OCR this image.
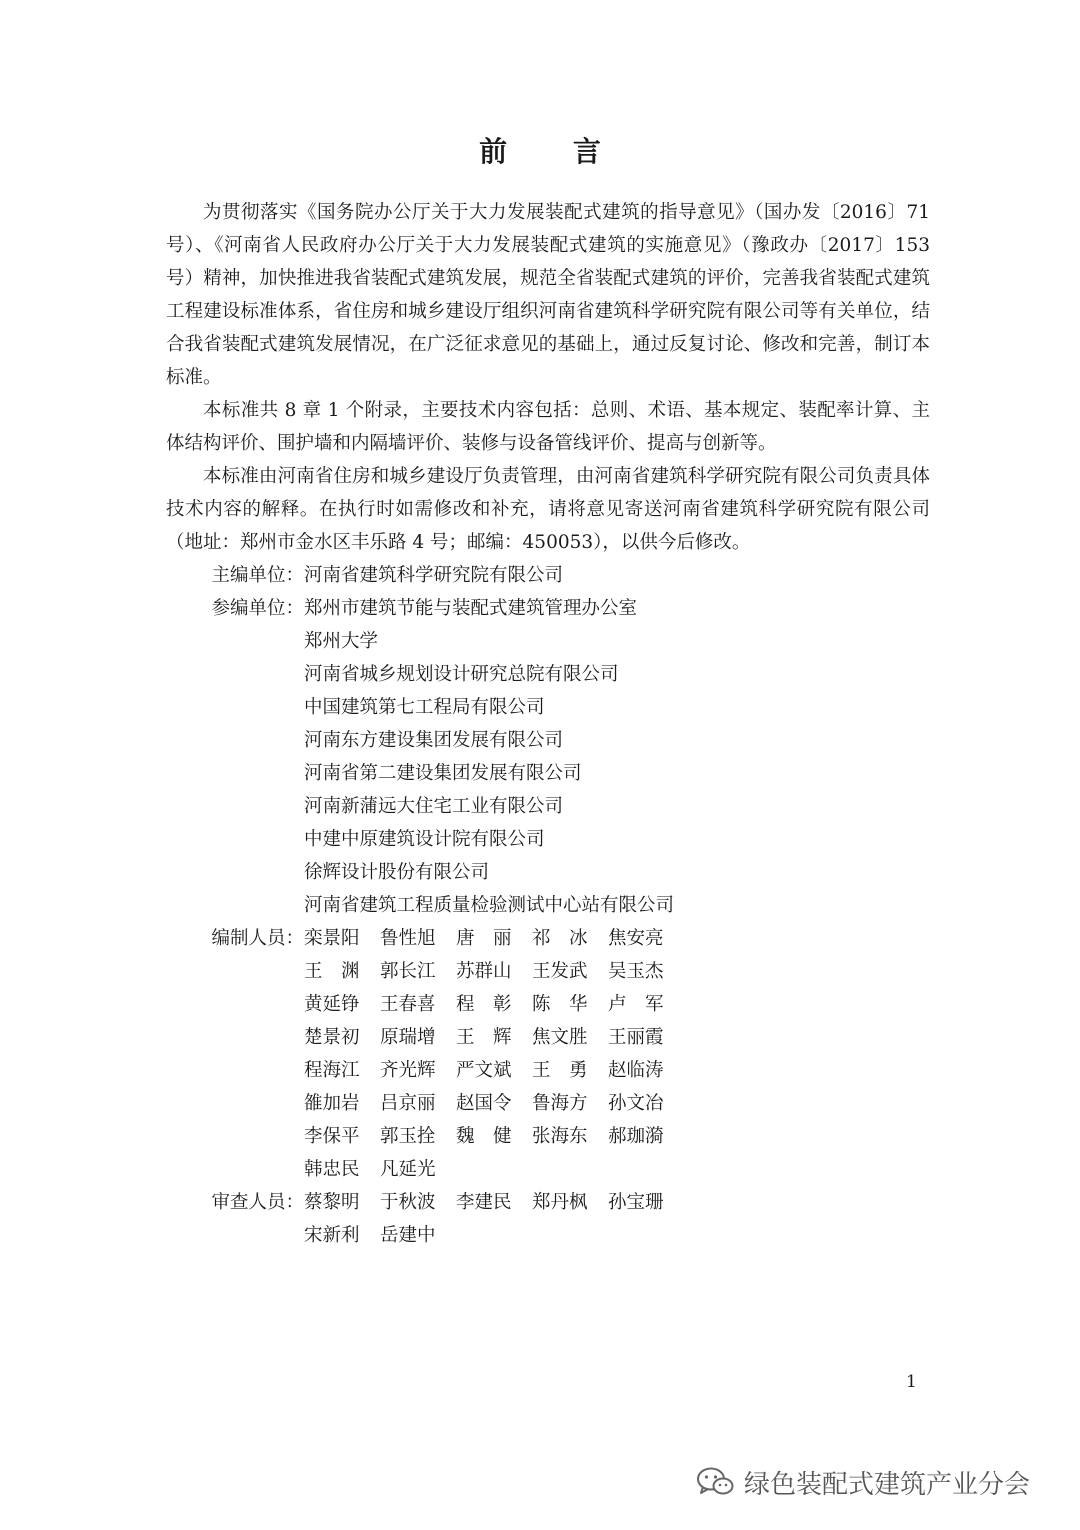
前 言

为贯彻落实《国务院办公厅关于大力发展装配式建筑的指导意见》（国办发〔2016〕71号）、《河南省人民政府办公厅关于大力发展装配式建筑的实施意见》（豫政办〔2017〕153号）精神，加快推进我省装配式建筑发展，规范全省装配式建筑的评价，完善我省装配式建筑工程建设标准体系，省住房和城乡建设厅组织河南省建筑科学研究院有限公司等有关单位，结合我省装配式建筑发展情况，在广泛征求意见的基础上，通过反复讨论、修改和完善，制订本标准。

本标准共 8 章 1 个附录，主要技术内容包括：总则、术语、基本规定、装配率计算、主体结构评价、围护墙和内隔墙评价、装修与设备管线评价、提高与创新等。

本标准由河南省住房和城乡建设厅负责管理，由河南省建筑科学研究院有限公司负责具体技术内容的解释。在执行时如需修改和补充，请将意见寄送河南省建筑科学研究院有限公司（地址：郑州市金水区丰乐路 4 号；邮编：450053），以供今后修改。

主编单位： 河南省建筑科学研究院有限公司
参编单位： 郑州市建筑节能与装配式建筑管理办公室
郑州大学
河南省城乡规划设计研究总院有限公司
中国建筑第七工程局有限公司
河南东方建设集团发展有限公司
河南省第二建设集团发展有限公司
河南新蒲远大住宅工业有限公司
中建中原建筑设计院有限公司
徐辉设计股份有限公司
河南省建筑工程质量检验测试中心站有限公司
编制人员： 栾景阳	鲁性旭	唐　丽	祁　冰	焦安亮
王　渊	郭长江	苏群山	王发武	吴玉杰
黄延铮	王春喜	程　彰	陈　华	卢　军
楚景初	原瑞增	王　辉	焦文胜	王丽霞
程海江	齐光辉	严文斌	王　勇	赵临涛
雒加岩	吕京丽	赵国令	鲁海方	孙文冶
李保平	郭玉拴	魏　健	张海东	郝珈漪
韩忠民	凡延光
审查人员： 蔡黎明	于秋波	李建民	郑丹枫	孙宝珊
宋新利	岳建中
1
绿色装配式建筑产业分会
